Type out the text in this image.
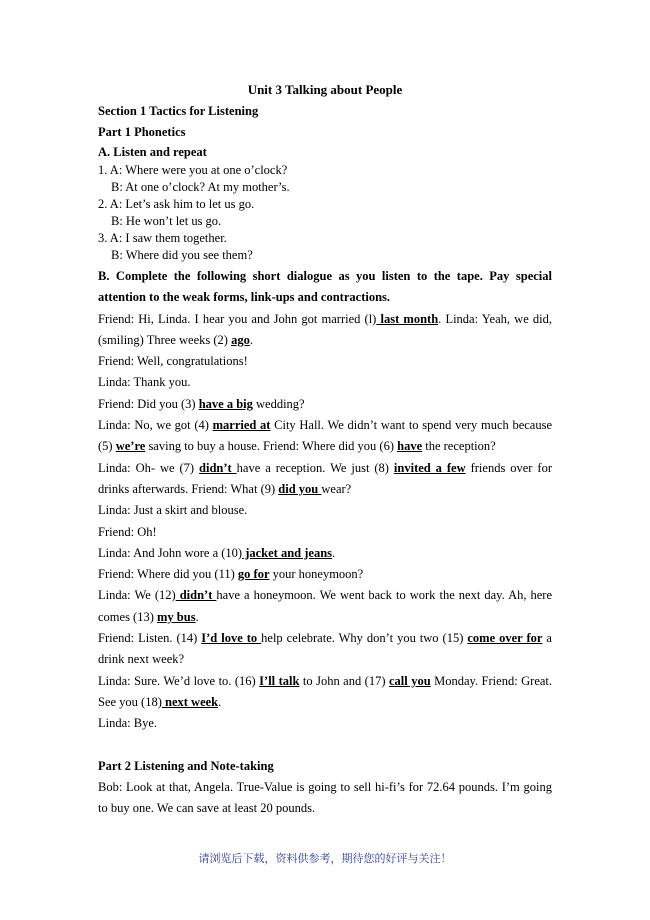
Unit 3 Talking about People

Section 1 Tactics for Listening

Part 1 Phonetics

A. Listen and repeat

1. A: Where were you at one o’clock?
B: At one o’clock? At my mother’s.
2. A: Let’s ask him to let us go.
B: He won’t let us go.
3. A: I saw them together.
B: Where did you see them?

B. Complete the following short dialogue as you listen to the tape. Pay special attention to the weak forms, link-ups and contractions.

Friend: Hi, Linda. I hear you and John got married (l) last month. Linda: Yeah, we did, (smiling) Three weeks (2) ago.

Friend: Well, congratulations!

Linda: Thank you.

Friend: Did you (3) have a big wedding?

Linda: No, we got (4) married at City Hall. We didn’t want to spend very much because (5) we’re saving to buy a house. Friend: Where did you (6) have the reception?

Linda: Oh- we (7) didn’t have a reception. We just (8) invited a few friends over for drinks afterwards. Friend: What (9) did you wear?

Linda: Just a skirt and blouse.

Friend: Oh!

Linda: And John wore a (10) jacket and jeans.

Friend: Where did you (11) go for your honeymoon?

Linda: We (12) didn’t have a honeymoon. We went back to work the next day. Ah, here comes (13) my bus.

Friend: Listen. (14) I’d love to help celebrate. Why don’t you two (15) come over for a drink next week?

Linda: Sure. We’d love to. (16) I’ll talk to John and (17) call you Monday. Friend: Great. See you (18) next week.

Linda: Bye.

Part 2 Listening and Note-taking

Bob: Look at that, Angela. True-Value is going to sell hi-fi’s for 72.64 pounds. I’m going to buy one. We can save at least 20 pounds.

请浏览后下载，资料供参考，期待您的好评与关注！
